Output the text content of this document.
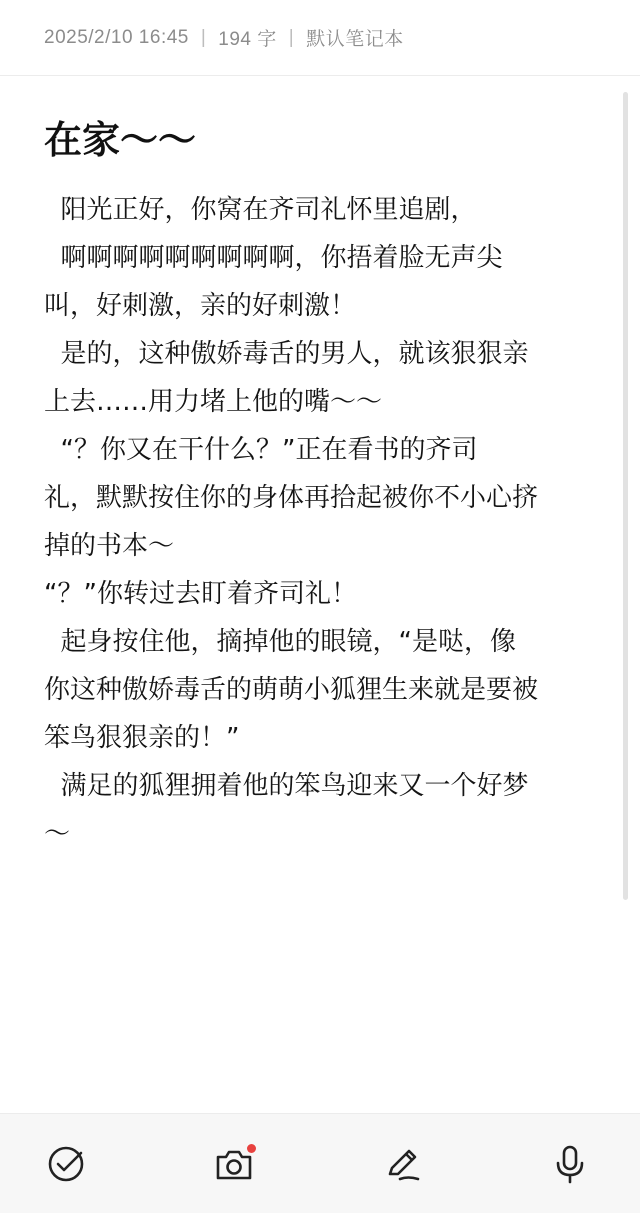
2025/2/10 16:45 | 194 字 | 默认笔记本
在家～～

阳光正好，你窝在齐司礼怀里追剧，

啊啊啊啊啊啊啊啊啊，你捂着脸无声尖

叫，好刺激，亲的好刺激！

是的，这种傲娇毒舌的男人，就该狠狠亲

上去……用力堵上他的嘴～～

“？你又在干什么？”正在看书的齐司

礼，默默按住你的身体再拾起被你不小心挤

掉的书本～

“？”你转过去盯着齐司礼！

起身按住他，摘掉他的眼镜，“是哒，像

你这种傲娇毒舌的萌萌小狐狸生来就是要被

笨鸟狠狠亲的！”

满足的狐狸拥着他的笨鸟迎来又一个好梦

～
